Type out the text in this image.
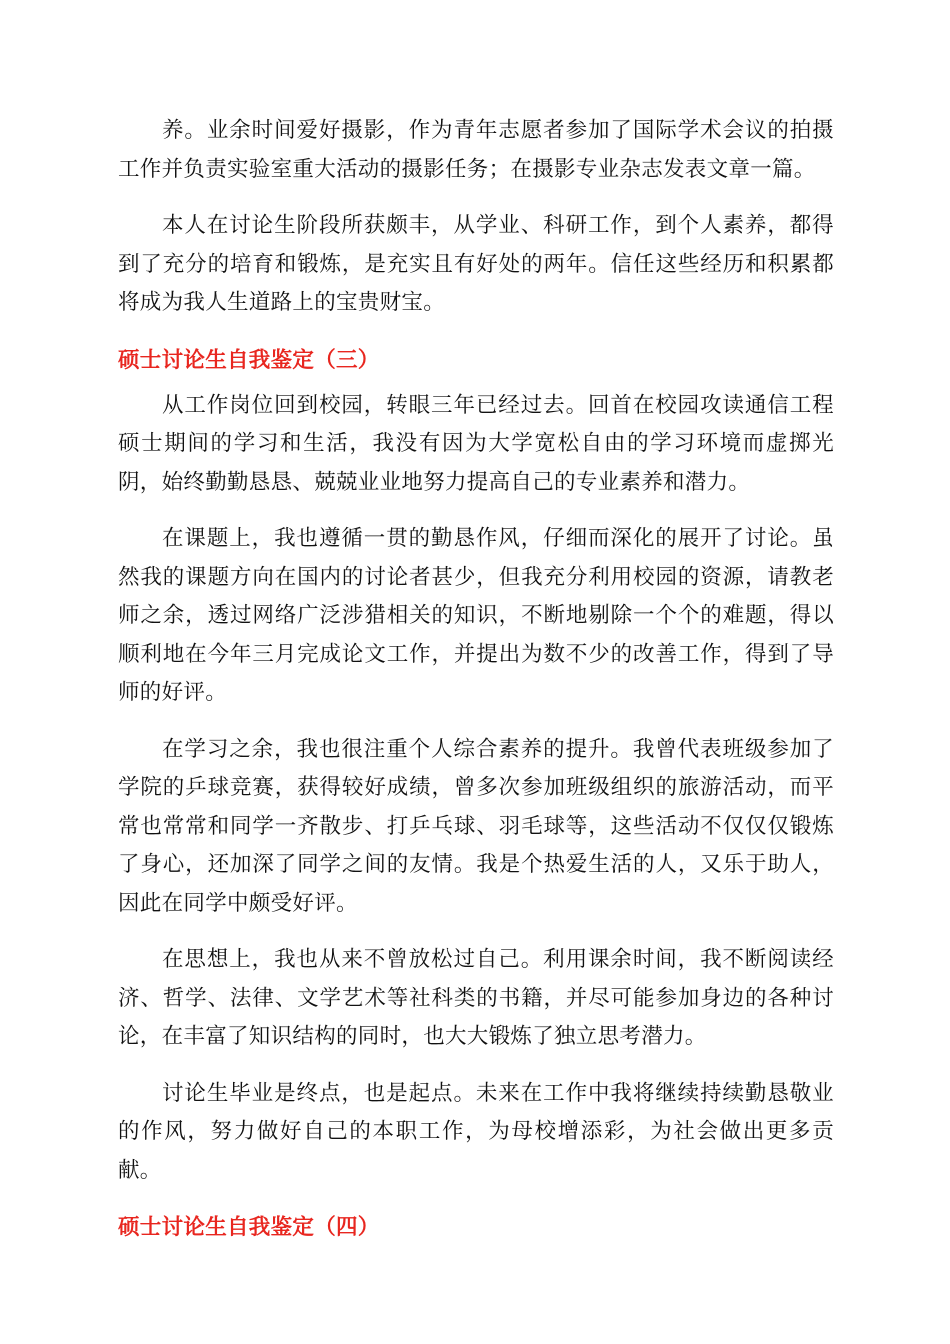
养。业余时间爱好摄影，作为青年志愿者参加了国际学术会议的拍摄工作并负责实验室重大活动的摄影任务；在摄影专业杂志发表文章一篇。

本人在讨论生阶段所获颇丰，从学业、科研工作，到个人素养，都得到了充分的培育和锻炼，是充实且有好处的两年。信任这些经历和积累都将成为我人生道路上的宝贵财宝。

硕士讨论生自我鉴定（三）

从工作岗位回到校园，转眼三年已经过去。回首在校园攻读通信工程硕士期间的学习和生活，我没有因为大学宽松自由的学习环境而虚掷光阴，始终勤勤恳恳、兢兢业业地努力提高自己的专业素养和潜力。

在课题上，我也遵循一贯的勤恳作风，仔细而深化的展开了讨论。虽然我的课题方向在国内的讨论者甚少，但我充分利用校园的资源，请教老师之余，透过网络广泛涉猎相关的知识，不断地剔除一个个的难题，得以顺利地在今年三月完成论文工作，并提出为数不少的改善工作，得到了导师的好评。

在学习之余，我也很注重个人综合素养的提升。我曾代表班级参加了学院的乒球竞赛，获得较好成绩，曾多次参加班级组织的旅游活动，而平常也常常和同学一齐散步、打乒乓球、羽毛球等，这些活动不仅仅仅锻炼了身心，还加深了同学之间的友情。我是个热爱生活的人，又乐于助人，因此在同学中颇受好评。

在思想上，我也从来不曾放松过自己。利用课余时间，我不断阅读经济、哲学、法律、文学艺术等社科类的书籍，并尽可能参加身边的各种讨论，在丰富了知识结构的同时，也大大锻炼了独立思考潜力。

讨论生毕业是终点，也是起点。未来在工作中我将继续持续勤恳敬业的作风，努力做好自己的本职工作，为母校增添彩，为社会做出更多贡献。

硕士讨论生自我鉴定（四）
